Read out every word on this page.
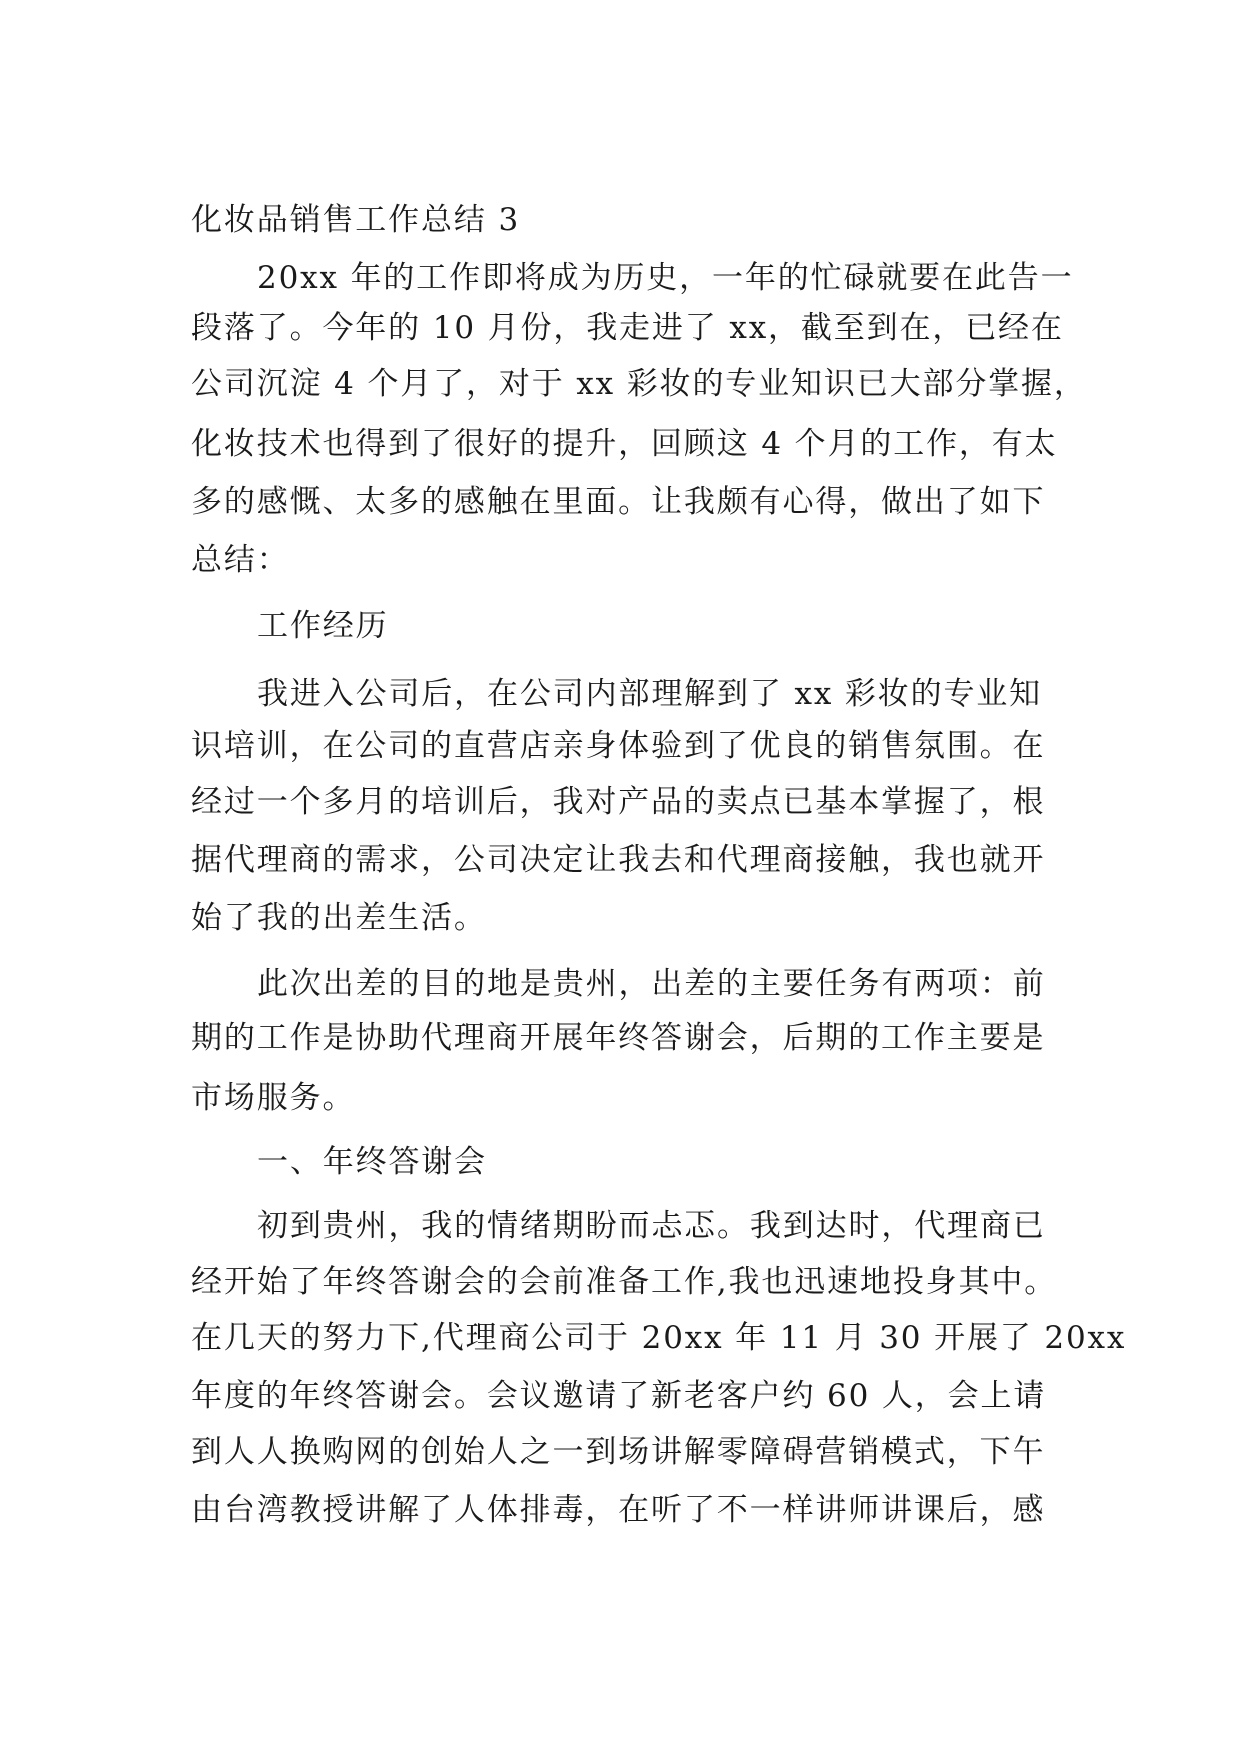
化妆品销售工作总结 3
20xx 年的工作即将成为历史，一年的忙碌就要在此告一
段落了。今年的 10 月份，我走进了 xx，截至到在，已经在
公司沉淀 4 个月了，对于 xx 彩妆的专业知识已大部分掌握，
化妆技术也得到了很好的提升，回顾这 4 个月的工作，有太
多的感慨、太多的感触在里面。让我颇有心得，做出了如下
总结：
工作经历
我进入公司后，在公司内部理解到了 xx 彩妆的专业知
识培训，在公司的直营店亲身体验到了优良的销售氛围。在
经过一个多月的培训后，我对产品的卖点已基本掌握了，根
据代理商的需求，公司决定让我去和代理商接触，我也就开
始了我的出差生活。
此次出差的目的地是贵州，出差的主要任务有两项：前
期的工作是协助代理商开展年终答谢会，后期的工作主要是
市场服务。
一、年终答谢会
初到贵州，我的情绪期盼而忐忑。我到达时，代理商已
经开始了年终答谢会的会前准备工作,我也迅速地投身其中。
在几天的努力下,代理商公司于 20xx 年 11 月 30 开展了 20xx
年度的年终答谢会。会议邀请了新老客户约 60 人，会上请
到人人换购网的创始人之一到场讲解零障碍营销模式，下午
由台湾教授讲解了人体排毒，在听了不一样讲师讲课后，感
